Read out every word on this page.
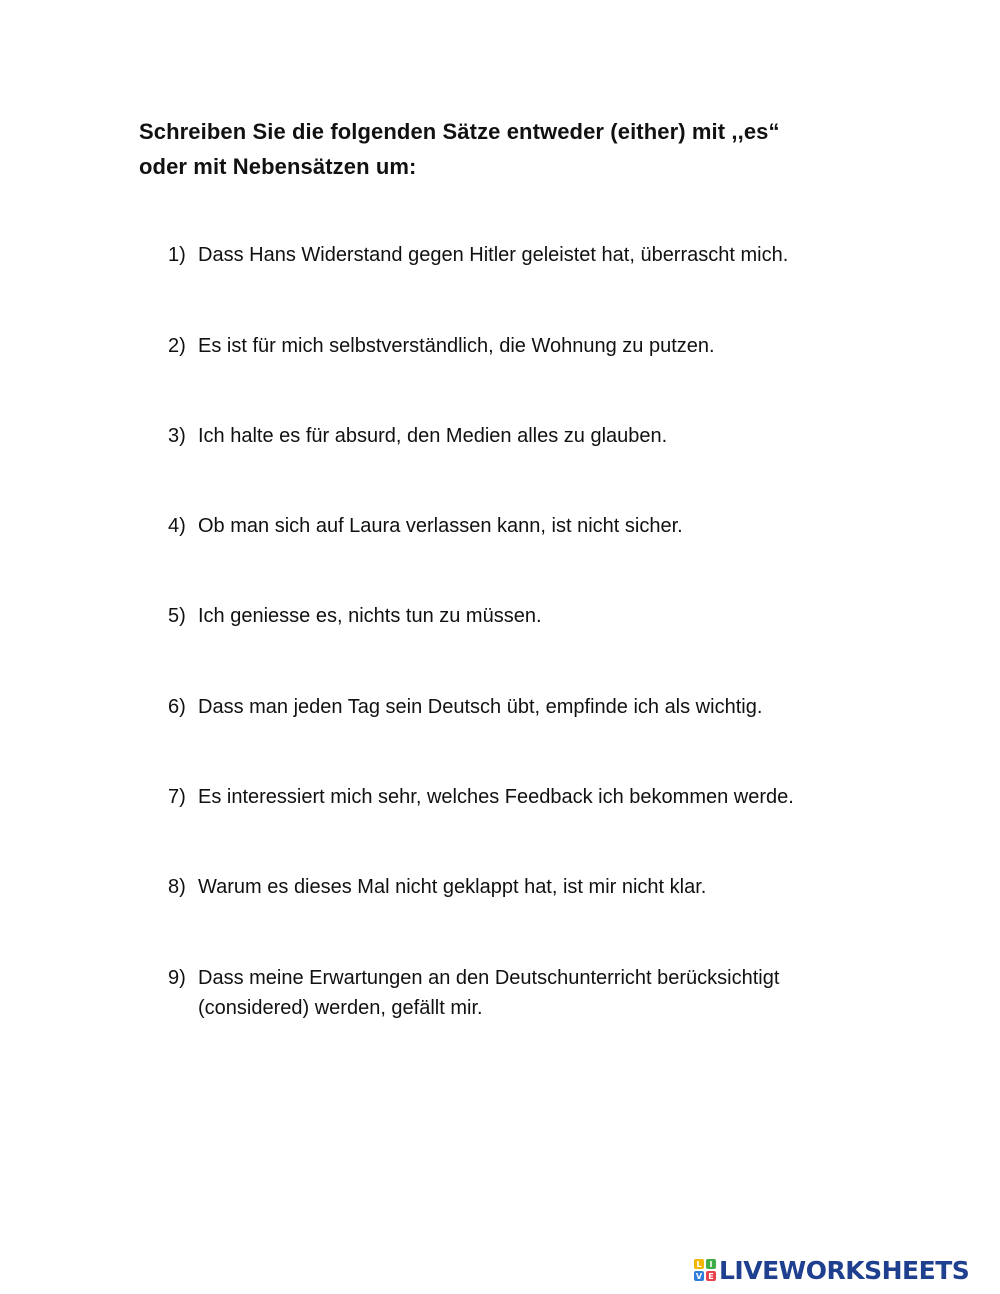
Schreiben Sie die folgenden Sätze entweder (either) mit ,,es“
oder mit Nebensätzen um:
1) Dass Hans Widerstand gegen Hitler geleistet hat, überrascht mich.
2) Es ist für mich selbstverständlich, die Wohnung zu putzen.
3) Ich halte es für absurd, den Medien alles zu glauben.
4) Ob man sich auf Laura verlassen kann, ist nicht sicher.
5) Ich geniesse es, nichts tun zu müssen.
6) Dass man jeden Tag sein Deutsch übt, empfinde ich als wichtig.
7) Es interessiert mich sehr, welches Feedback ich bekommen werde.
8) Warum es dieses Mal nicht geklappt hat, ist mir nicht klar.
9) Dass meine Erwartungen an den Deutschunterricht berücksichtigt (considered) werden, gefällt mir.
L I
V E LIVEWORKSHEETS
